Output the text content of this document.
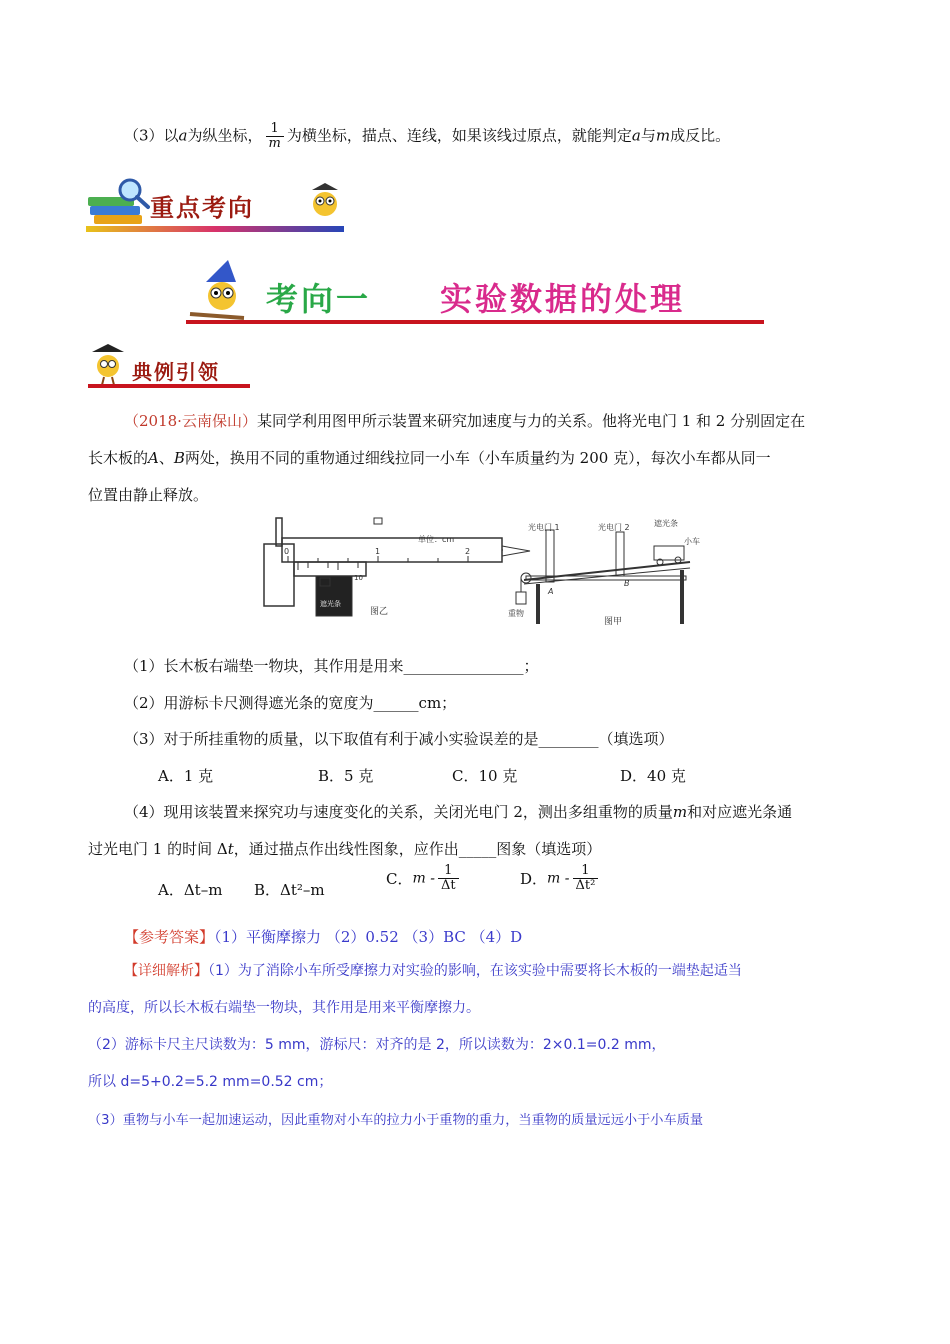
（3）以a为纵坐标， $\frac{1}{m}$ 为横坐标，描点、连线，如果该线过原点，就能判定a与m成反比。
重点考向
考向一 实验数据的处理
典例引领
（2018·云南保山）某同学利用图甲所示装置来研究加速度与力的关系。他将光电门 1 和 2 分别固定在
长木板的A、B两处，换用不同的重物通过细线拉同一小车（小车质量约为 200 克），每次小车都从同一
位置由静止释放。
0	1	2
单位：cm
10
遮光条
图乙
光电门 1	光电门 2	遮光条
小车
重物
A
B
图甲
（1）长木板右端垫一物块，其作用是用来________________；
（2）用游标卡尺测得遮光条的宽度为______cm；
（3）对于所挂重物的质量，以下取值有利于减小实验误差的是________（填选项）
A．1 克	B．5 克	C．10 克	D．40 克
（4）现用该装置来探究功与速度变化的关系，关闭光电门 2，测出多组重物的质量m和对应遮光条通
过光电门 1 的时间 Δt，通过描点作出线性图象，应作出_____图象（填选项）
A．Δt–m B．Δt²–m
C．m - $\frac{1}{\Delta t}$	D．m - $\frac{1}{\text{Δt²}}$
【参考答案】（1）平衡摩擦力 （2）0.52 （3）BC （4）D
【详细解析】（1）为了消除小车所受摩擦力对实验的影响，在该实验中需要将长木板的一端垫起适当
的高度，所以长木板右端垫一物块，其作用是用来平衡摩擦力。
（2）游标卡尺主尺读数为：5 mm，游标尺：对齐的是 2，所以读数为：2×0.1=0.2 mm，
所以 d=5+0.2=5.2 mm=0.52 cm；
（3）重物与小车一起加速运动，因此重物对小车的拉力小于重物的重力，当重物的质量远远小于小车质量
